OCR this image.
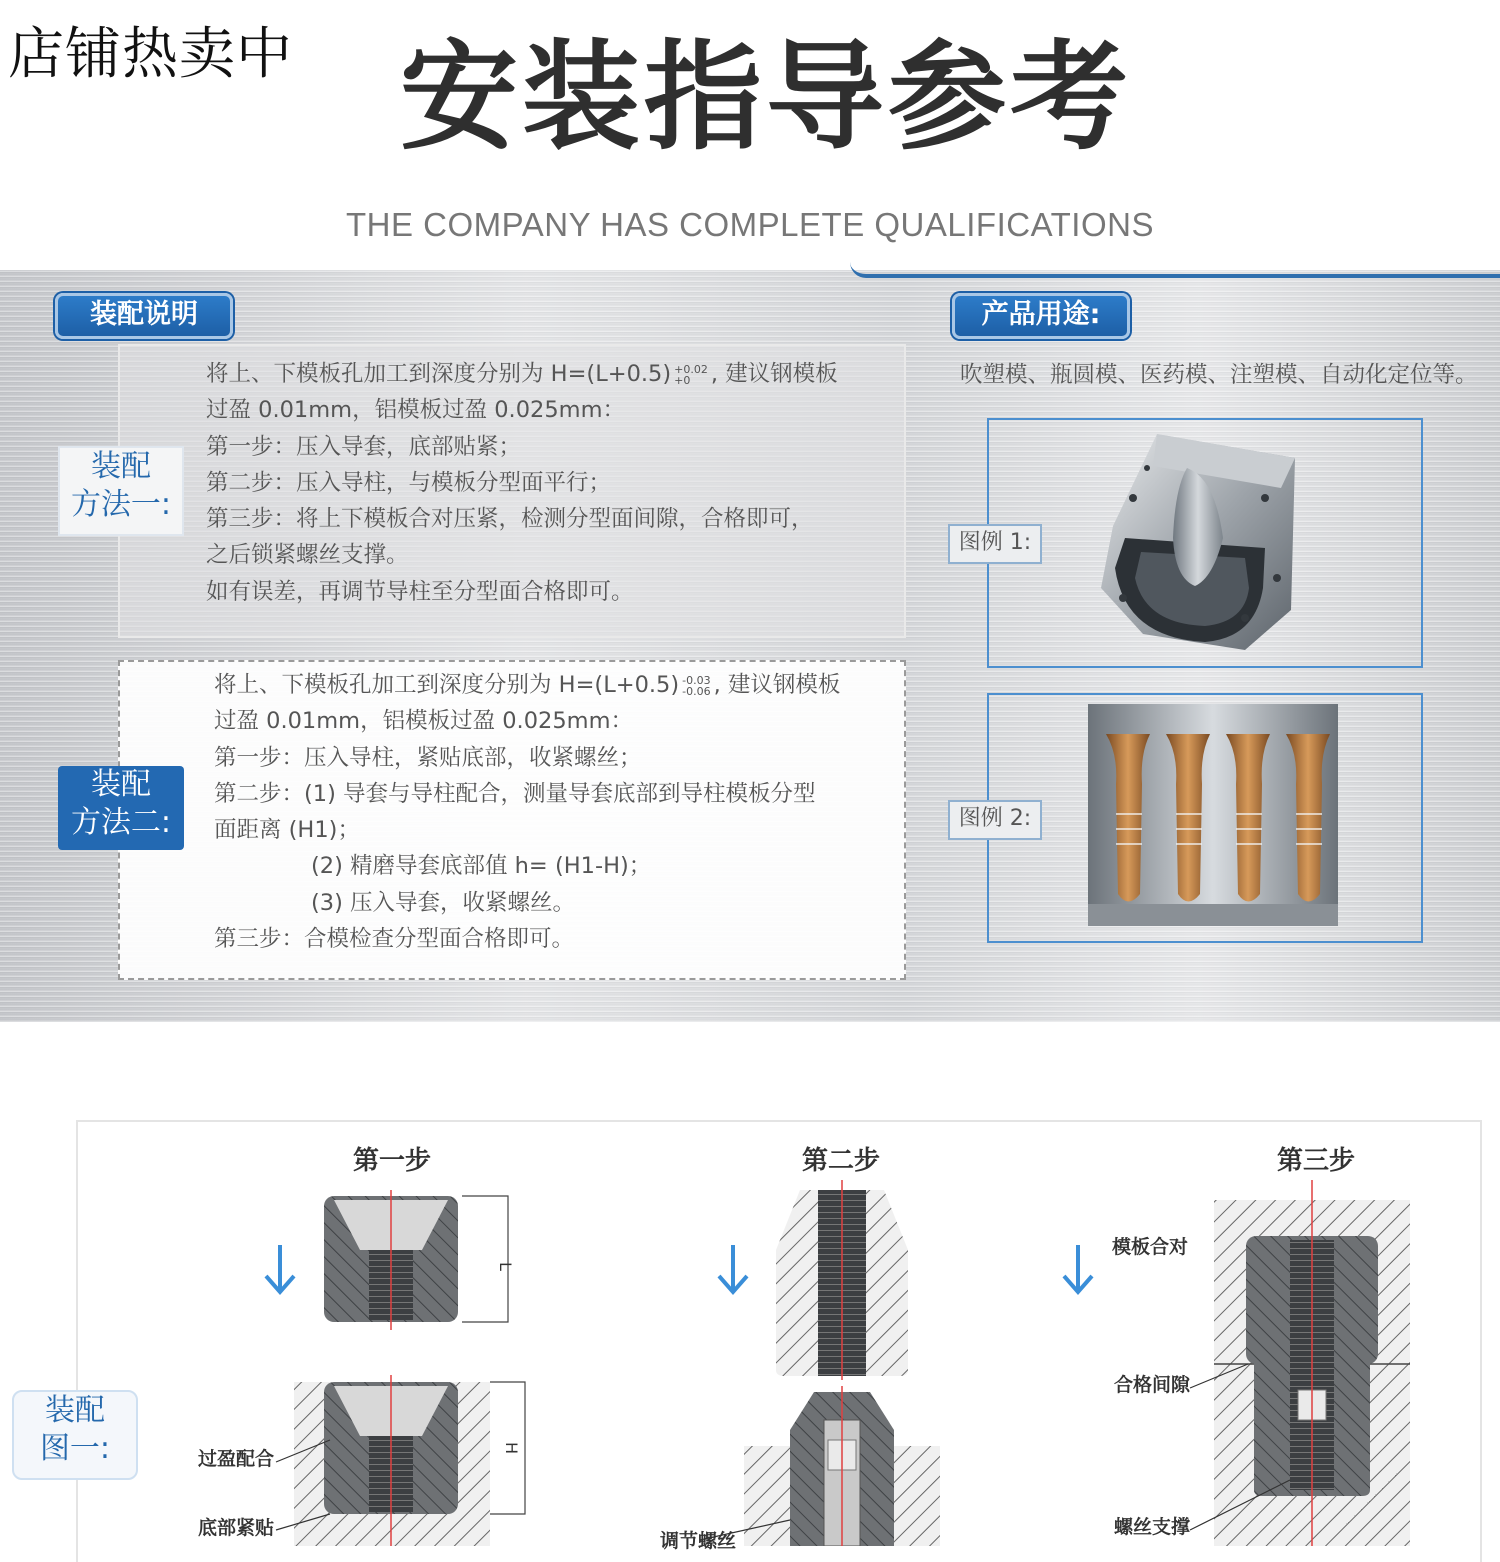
店铺热卖中 安装指导参考
THE COMPANY HAS COMPLETE QUALIFICATIONS
装配说明	产品用途:
装配
方法一:
将上、下模板孔加工到深度分别为 H=(L+0.5) +0.02
+0 , 建议钢模板
过盈 0.01mm，铝模板过盈 0.025mm：
第一步：压入导套，底部贴紧；
第二步：压入导柱，与模板分型面平行；
第三步：将上下模板合对压紧，检测分型面间隙，合格即可，
之后锁紧螺丝支撑。
如有误差，再调节导柱至分型面合格即可。
装配
方法二:
将上、下模板孔加工到深度分别为 H=(L+0.5) -0.03
-0.06 , 建议钢模板
过盈 0.01mm，铝模板过盈 0.025mm：
第一步：压入导柱，紧贴底部，收紧螺丝；
第二步：(1) 导套与导柱配合，测量导套底部到导柱模板分型
面距离 (H1)；
(2) 精磨导套底部值 h= (H1-H)；
(3) 压入导套，收紧螺丝。
第三步：合模检查分型面合格即可。
吹塑模、瓶圆模、医药模、注塑模、自动化定位等。
图例 1:
图例 2:
第一步	第二步	第三步
装配
图一:
L
H
过盈配合
底部紧贴
调节螺丝
模板合对
合格间隙
螺丝支撑
